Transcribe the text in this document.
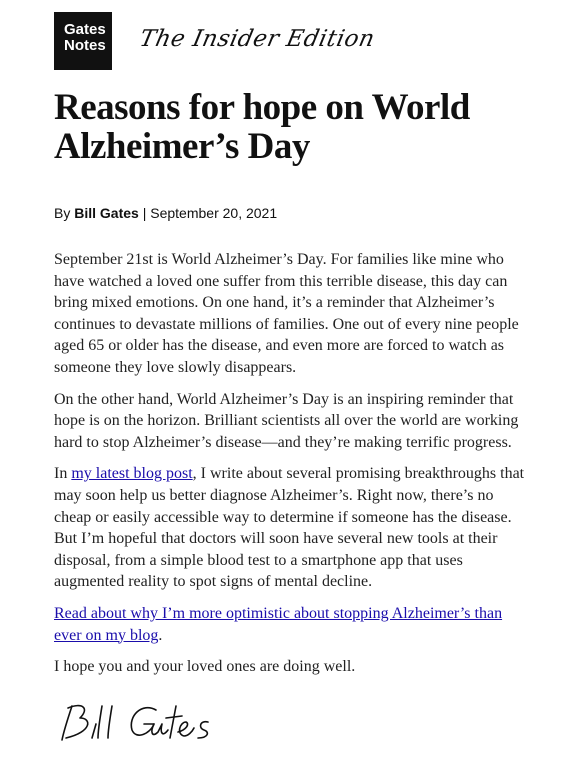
Gates
Notes The Insider Edition
Reasons for hope on World Alzheimer’s Day
By Bill Gates | September 20, 2021

September 21st is World Alzheimer’s Day. For families like mine who have watched a loved one suffer from this terrible disease, this day can bring mixed emotions. On one hand, it’s a reminder that Alzheimer’s continues to devastate millions of families. One out of every nine people aged 65 or older has the disease, and even more are forced to watch as someone they love slowly disappears.

On the other hand, World Alzheimer’s Day is an inspiring reminder that hope is on the horizon. Brilliant scientists all over the world are working hard to stop Alzheimer’s disease—and they’re making terrific progress.

In my latest blog post, I write about several promising breakthroughs that may soon help us better diagnose Alzheimer’s. Right now, there’s no cheap or easily accessible way to determine if someone has the disease. But I’m hopeful that doctors will soon have several new tools at their disposal, from a simple blood test to a smartphone app that uses augmented reality to spot signs of mental decline.

Read about why I’m more optimistic about stopping Alzheimer’s than ever on my blog.

I hope you and your loved ones are doing well.
